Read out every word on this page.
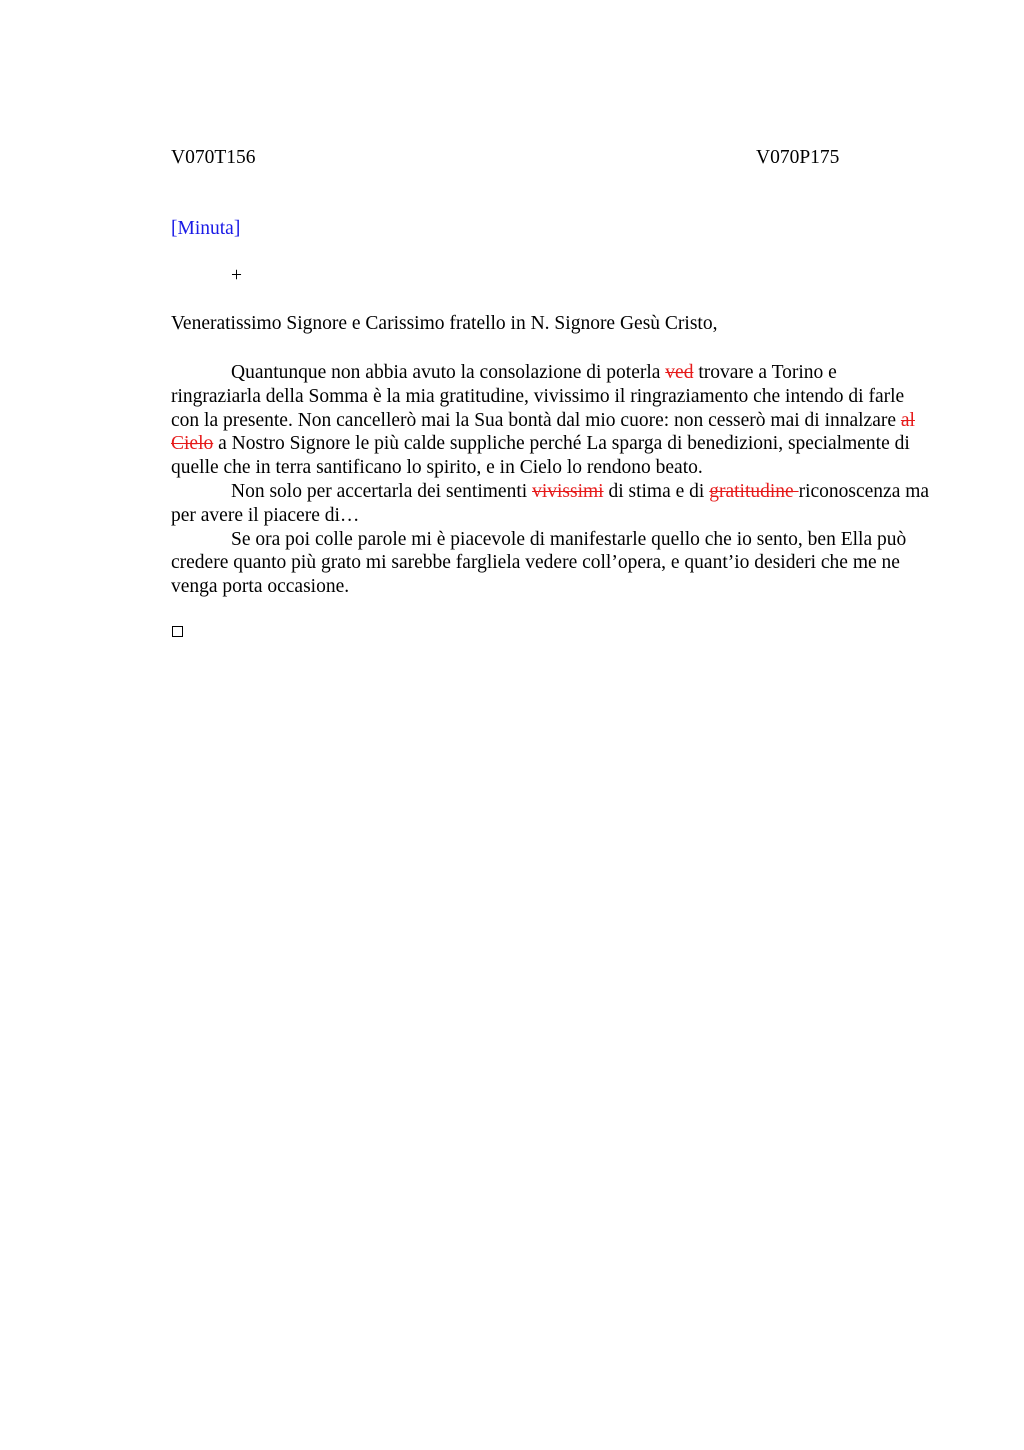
V070T156	V070P175
[Minuta]
+
Veneratissimo Signore e Carissimo fratello in N. Signore Gesù Cristo,

Quantunque non abbia avuto la consolazione di poterla ved trovare a Torino e ringraziarla della Somma è la mia gratitudine, vivissimo il ringraziamento che intendo di farle con la presente. Non cancellerò mai la Sua bontà dal mio cuore: non cesserò mai di innalzare al Cielo a Nostro Signore le più calde suppliche perché La sparga di benedizioni, specialmente di quelle che in terra santificano lo spirito, e in Cielo lo rendono beato.

Non solo per accertarla dei sentimenti vivissimi di stima e di gratitudine riconoscenza ma per avere il piacere di…

Se ora poi colle parole mi è piacevole di manifestarle quello che io sento, ben Ella può credere quanto più grato mi sarebbe fargliela vedere coll’opera, e quant’io desideri che me ne venga porta occasione.
